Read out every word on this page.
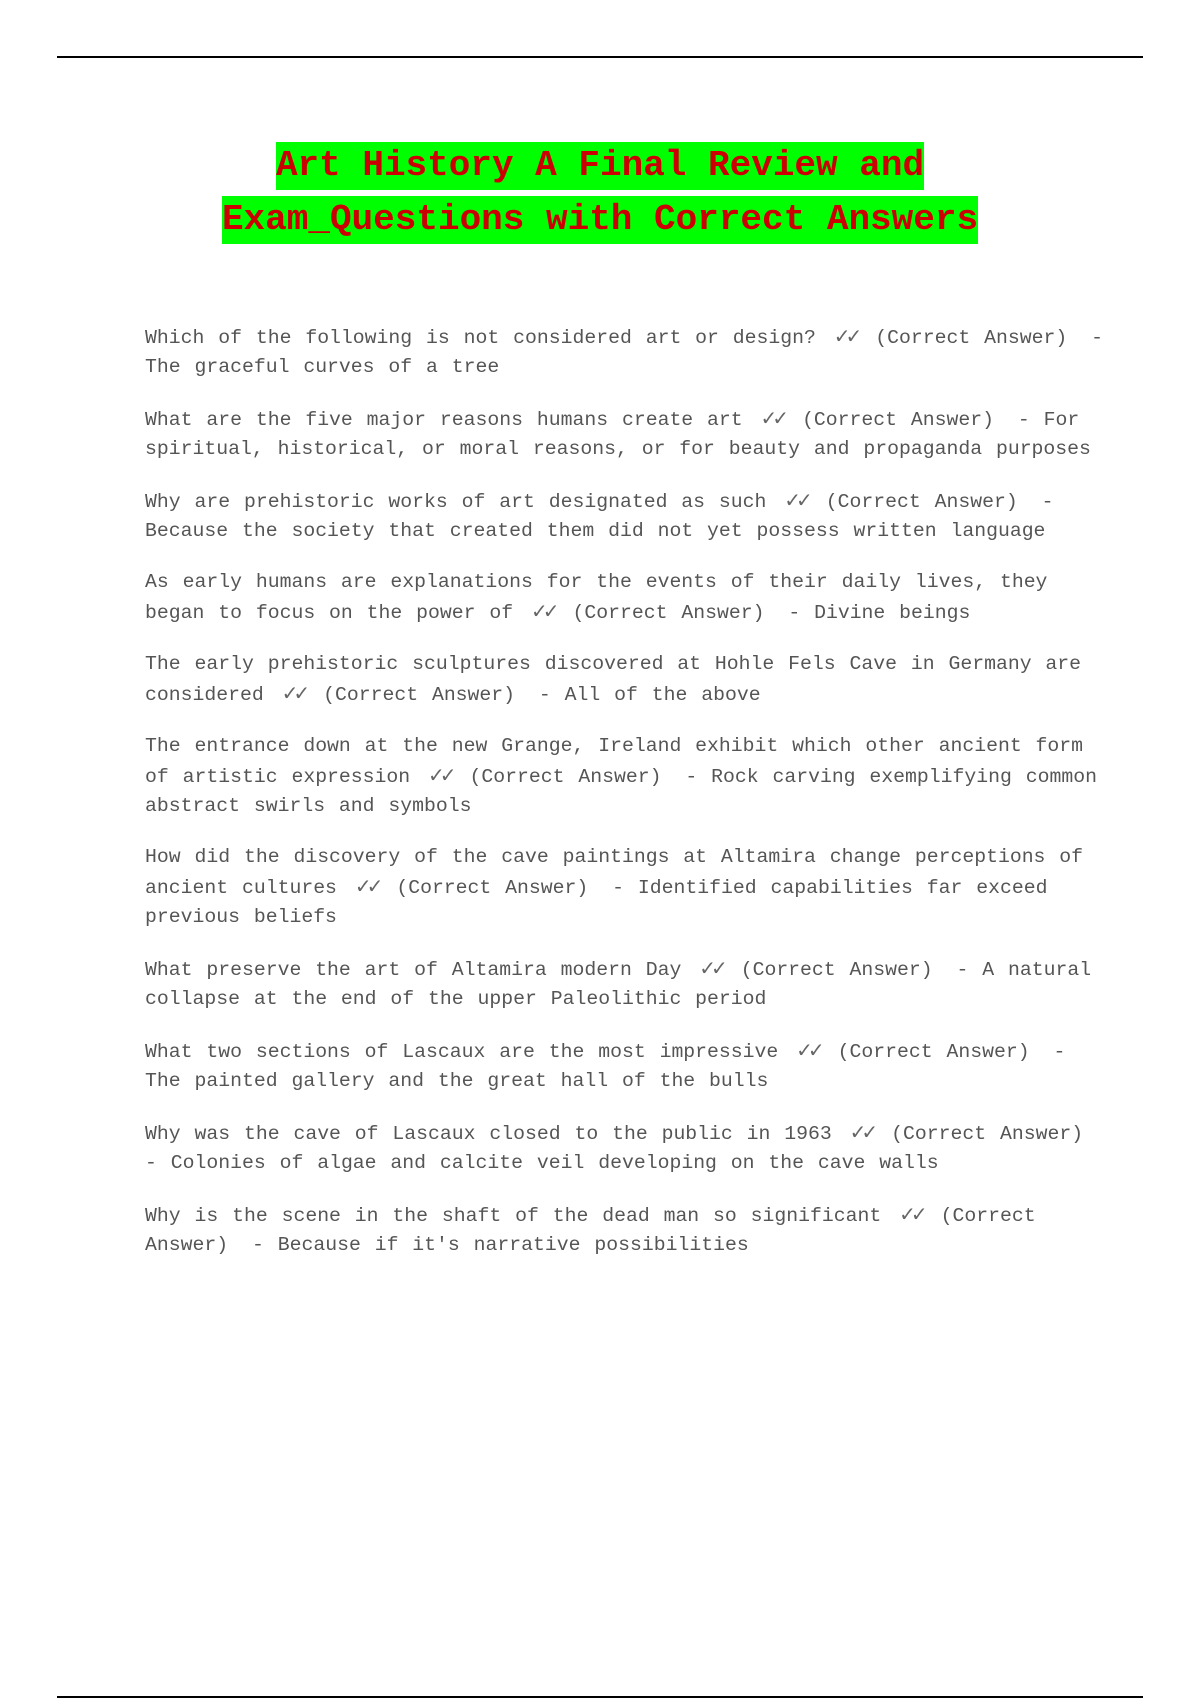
Art History A Final Review and
Exam_Questions with Correct Answers

Which of the following is not considered art or design? ✓✓ (Correct Answer) - The graceful curves of a tree

What are the five major reasons humans create art ✓✓ (Correct Answer) - For spiritual, historical, or moral reasons, or for beauty and propaganda purposes

Why are prehistoric works of art designated as such ✓✓ (Correct Answer) - Because the society that created them did not yet possess written language

As early humans are explanations for the events of their daily lives, they began to focus on the power of ✓✓ (Correct Answer) - Divine beings

The early prehistoric sculptures discovered at Hohle Fels Cave in Germany are considered ✓✓ (Correct Answer) - All of the above

The entrance down at the new Grange, Ireland exhibit which other ancient form of artistic expression ✓✓ (Correct Answer) - Rock carving exemplifying common abstract swirls and symbols

How did the discovery of the cave paintings at Altamira change perceptions of ancient cultures ✓✓ (Correct Answer) - Identified capabilities far exceed previous beliefs

What preserve the art of Altamira modern Day ✓✓ (Correct Answer) - A natural collapse at the end of the upper Paleolithic period

What two sections of Lascaux are the most impressive ✓✓ (Correct Answer) - The painted gallery and the great hall of the bulls

Why was the cave of Lascaux closed to the public in 1963 ✓✓ (Correct Answer) - Colonies of algae and calcite veil developing on the cave walls

Why is the scene in the shaft of the dead man so significant ✓✓ (Correct Answer) - Because if it's narrative possibilities
